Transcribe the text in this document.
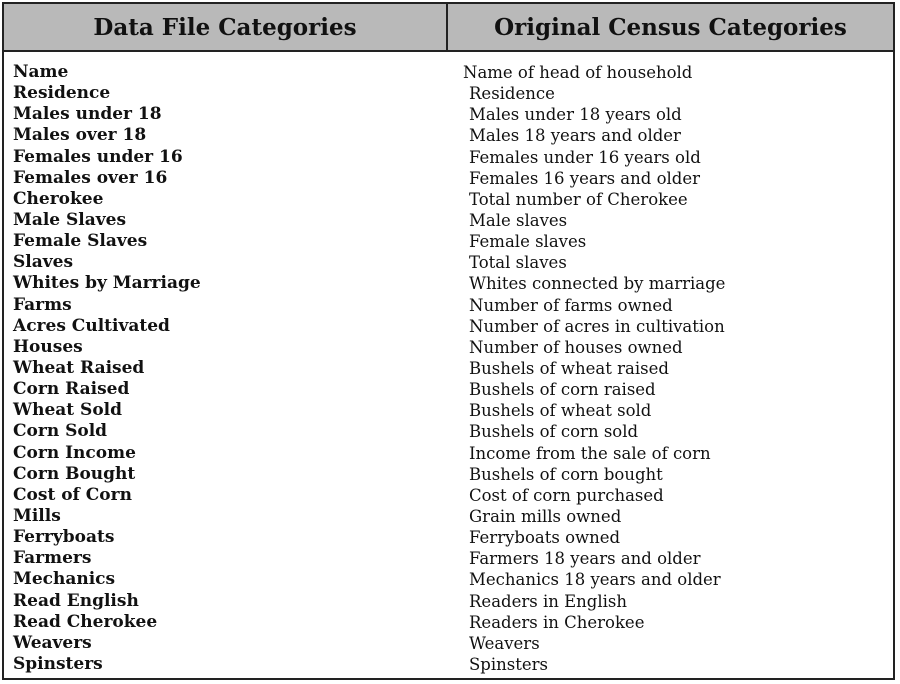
Data File Categories	Original Census Categories
Name	Name of head of household
Residence	Residence
Males under 18	Males under 18 years old
Males over 18	Males 18 years and older
Females under 16	Females under 16 years old
Females over 16	Females 16 years and older
Cherokee	Total number of Cherokee
Male Slaves	Male slaves
Female Slaves	Female slaves
Slaves	Total slaves
Whites by Marriage	Whites connected by marriage
Farms	Number of farms owned
Acres Cultivated	Number of acres in cultivation
Houses	Number of houses owned
Wheat Raised	Bushels of wheat raised
Corn Raised	Bushels of corn raised
Wheat Sold	Bushels of wheat sold
Corn Sold	Bushels of corn sold
Corn Income	Income from the sale of corn
Corn Bought	Bushels of corn bought
Cost of Corn	Cost of corn purchased
Mills	Grain mills owned
Ferryboats	Ferryboats owned
Farmers	Farmers 18 years and older
Mechanics	Mechanics 18 years and older
Read English	Readers in English
Read Cherokee	Readers in Cherokee
Weavers	Weavers
Spinsters	Spinsters
